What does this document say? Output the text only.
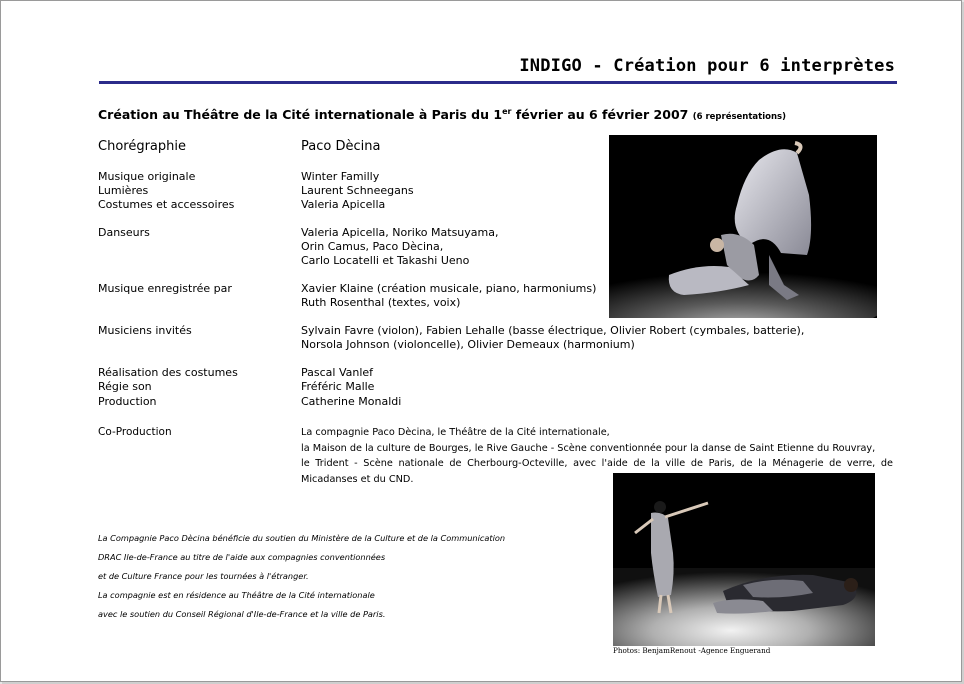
INDIGO - Création pour 6 interprètes
Création au Théâtre de la Cité internationale à Paris du 1er février au 6 février 2007 (6 représentations)
Chorégraphie	Paco Dècina
Musique originale	Winter Familly
Lumières	Laurent Schneegans
Costumes et accessoires	Valeria Apicella
Danseurs	Valeria Apicella, Noriko Matsuyama,
Orin Camus, Paco Dècina,
Carlo Locatelli et Takashi Ueno
Musique enregistrée par	Xavier Klaine (création musicale, piano, harmoniums)
Ruth Rosenthal (textes, voix)
Musiciens invités	Sylvain Favre (violon), Fabien Lehalle (basse électrique, Olivier Robert (cymbales, batterie),
Norsola Johnson (violoncelle), Olivier Demeaux (harmonium)
Réalisation des costumes	Pascal Vanlef
Régie son	Fréféric Malle
Production	Catherine Monaldi
Co-Production	La compagnie Paco Dècina, le Théâtre de la Cité internationale,
la Maison de la culture de Bourges, le Rive Gauche - Scène conventionnée pour la danse de Saint Etienne du Rouvray,
le Trident - Scène nationale de Cherbourg-Octeville, avec l'aide de la ville de Paris, de la Ménagerie de verre, de Micadanses et du CND.
Photos: BenjamRenout -Agence Enguerand
La Compagnie Paco Dècina bénéficie du soutien du Ministère de la Culture et de la Communication
DRAC Ile-de-France au titre de l'aide aux compagnies conventionnées
et de Culture France pour les tournées à l'étranger.
La compagnie est en résidence au Théâtre de la Cité internationale
avec le soutien du Conseil Régional d'Ile-de-France et la ville de Paris.
